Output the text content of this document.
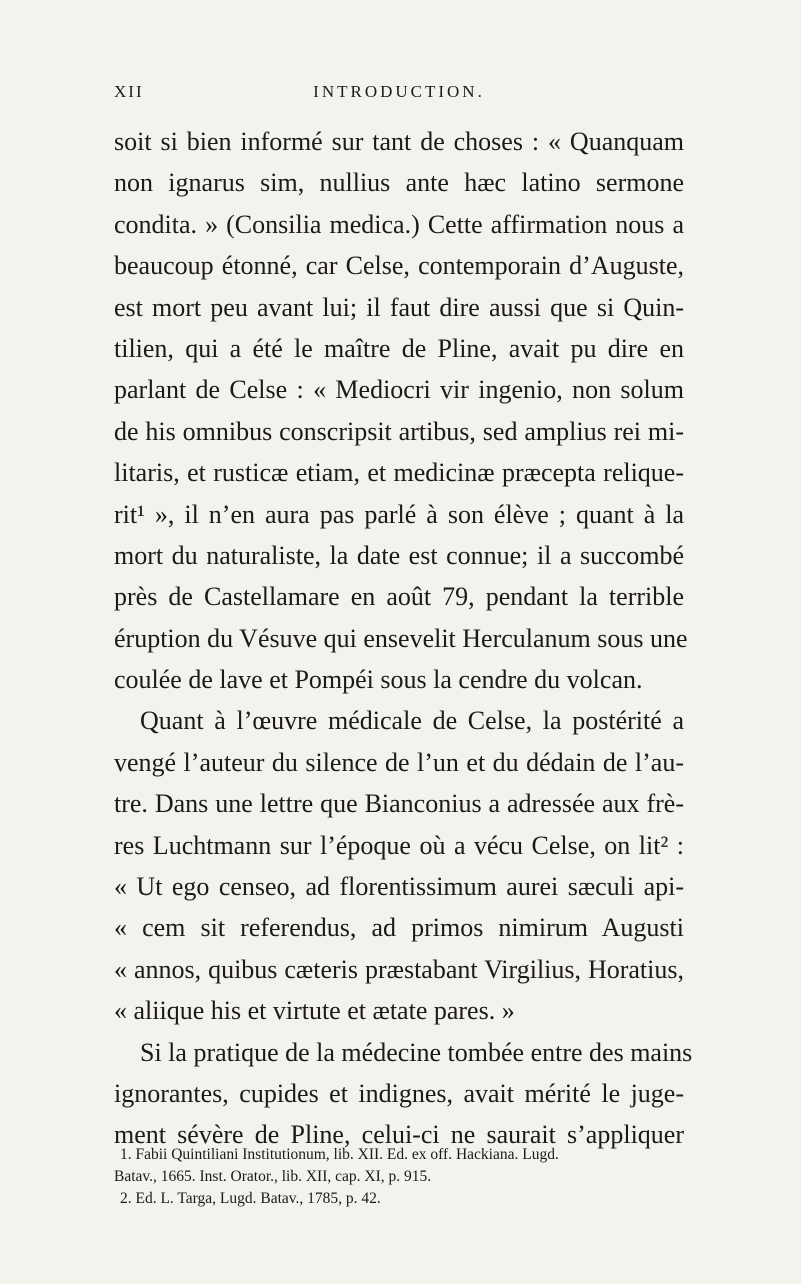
XII	INTRODUCTION.
soit si bien informé sur tant de choses : « Quanquam
non ignarus sim, nullius ante hæc latino sermone
condita. » (Consilia medica.) Cette affirmation nous a
beaucoup étonné, car Celse, contemporain d’Auguste,
est mort peu avant lui; il faut dire aussi que si Quin-
tilien, qui a été le maître de Pline, avait pu dire en
parlant de Celse : « Mediocri vir ingenio, non solum
de his omnibus conscripsit artibus, sed amplius rei mi-
litaris, et rusticæ etiam, et medicinæ præcepta relique-
rit¹ », il n’en aura pas parlé à son élève ; quant à la
mort du naturaliste, la date est connue; il a succombé
près de Castellamare en août 79, pendant la terrible
éruption du Vésuve qui ensevelit Herculanum sous une
coulée de lave et Pompéi sous la cendre du volcan.
Quant à l’œuvre médicale de Celse, la postérité a
vengé l’auteur du silence de l’un et du dédain de l’au-
tre. Dans une lettre que Bianconius a adressée aux frè-
res Luchtmann sur l’époque où a vécu Celse, on lit² :
« Ut ego censeo, ad florentissimum aurei sæculi api-
« cem sit referendus, ad primos nimirum Augusti
« annos, quibus cæteris præstabant Virgilius, Horatius,
« aliique his et virtute et ætate pares. »
Si la pratique de la médecine tombée entre des mains
ignorantes, cupides et indignes, avait mérité le juge-
ment sévère de Pline, celui-ci ne saurait s’appliquer
1. Fabii Quintiliani Institutionum, lib. XII. Ed. ex off. Hackiana. Lugd.
Batav., 1665. Inst. Orator., lib. XII, cap. XI, p. 915.
2. Ed. L. Targa, Lugd. Batav., 1785, p. 42.
